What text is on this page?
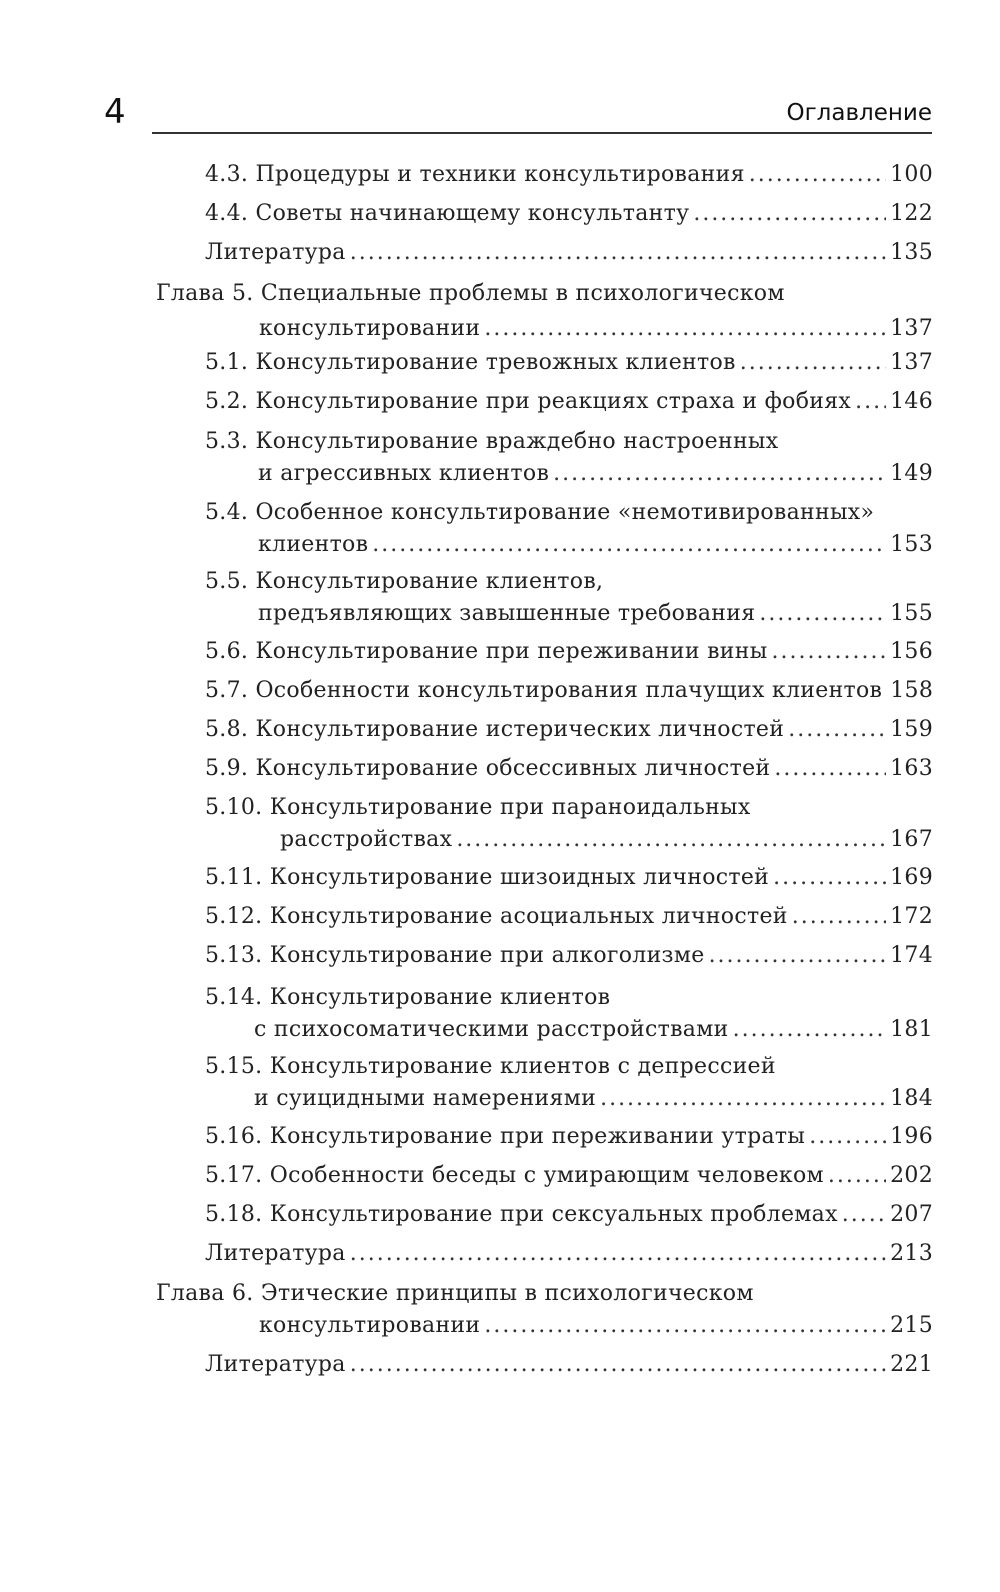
4	Оглавление
4.3. Процедуры и техники консультирования .....	100
4.4. Советы начинающему консультанту .....	122
Литература .....	135
Глава 5. Специальные проблемы в психологическом
консультировании .....	137
5.1. Консультирование тревожных клиентов .....	137
5.2. Консультирование при реакциях страха и фобиях ..... 146
5.3. Консультирование враждебно настроенных
и агрессивных клиентов .....	149
5.4. Особенное консультирование «немотивированных»
клиентов .....	153
5.5. Консультирование клиентов,
предъявляющих завышенные требования .....	155
5.6. Консультирование при переживании вины .....	156
5.7. Особенности консультирования плачущих клиентов 158
5.8. Консультирование истерических личностей .....	159
5.9. Консультирование обсессивных личностей .....	163
5.10. Консультирование при параноидальных
расстройствах .....	167
5.11. Консультирование шизоидных личностей .....	169
5.12. Консультирование асоциальных личностей .....	172
5.13. Консультирование при алкоголизме .....	174
5.14. Консультирование клиентов
с психосоматическими расстройствами .....	181
5.15. Консультирование клиентов с депрессией
и суицидными намерениями .....	184
5.16. Консультирование при переживании утраты .....	196
5.17. Особенности беседы с умирающим человеком .....	202
5.18. Консультирование при сексуальных проблемах ..... 207
Литература .....	213
Глава 6. Этические принципы в психологическом
консультировании .....	215
Литература .....	221
